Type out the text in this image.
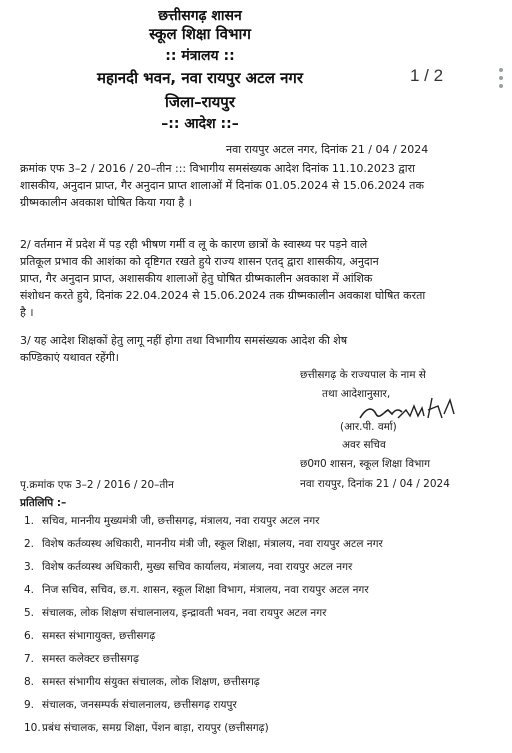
छत्तीसगढ़ शासन
स्कूल शिक्षा विभाग
:: मंत्रालय ::
महानदी भवन, नवा रायपुर अटल नगर
जिला–रायपुर
–:: आदेश ::–
1 / 2
नवा रायपुर अटल नगर, दिनांक 21 / 04 / 2024
क्रमांक एफ 3–2 / 2016 / 20–तीन ::: विभागीय समसंख्यक आदेश दिनांक 11.10.2023 द्वारा
शासकीय, अनुदान प्राप्त, गैर अनुदान प्राप्त शालाओं में दिनांक 01.05.2024 से 15.06.2024 तक
ग्रीष्मकालीन अवकाश घोषित किया गया है ।
2/ वर्तमान में प्रदेश में पड़ रही भीषण गर्मी व लू के कारण छात्रों के स्वास्थ्य पर पड़ने वाले
प्रतिकूल प्रभाव की आशंका को दृष्टिगत रखते हुये राज्य शासन एतद् द्वारा शासकीय, अनुदान
प्राप्त, गैर अनुदान प्राप्त, अशासकीय शालाओं हेतु घोषित ग्रीष्मकालीन अवकाश में आंशिक
संशोधन करते हुये, दिनांक 22.04.2024 से 15.06.2024 तक ग्रीष्मकालीन अवकाश घोषित करता
है ।
3/ यह आदेश शिक्षकों हेतु लागू नहीं होगा तथा विभागीय समसंख्यक आदेश की शेष
कण्डिकाएं यथावत रहेंगी।
छत्तीसगढ़ के राज्यपाल के नाम से
तथा आदेशानुसार,
(आर.पी. वर्मा)
अवर सचिव
छ0ग0 शासन, स्कूल शिक्षा विभाग
नवा रायपुर, दिनांक 21 / 04 / 2024
पृ.क्रमांक एफ 3–2 / 2016 / 20–तीन
प्रतिलिपि :–
1. सचिव, माननीय मुख्यमंत्री जी, छत्तीसगढ़, मंत्रालय, नवा रायपुर अटल नगर
2. विशेष कर्तव्यस्थ अधिकारी, माननीय मंत्री जी, स्कूल शिक्षा, मंत्रालय, नवा रायपुर अटल नगर
3. विशेष कर्तव्यस्थ अधिकारी, मुख्य सचिव कार्यालय, मंत्रालय, नवा रायपुर अटल नगर
4. निज सचिव, सचिव, छ.ग. शासन, स्कूल शिक्षा विभाग, मंत्रालय, नवा रायपुर अटल नगर
5. संचालक, लोक शिक्षण संचालनालय, इन्द्रावती भवन, नवा रायपुर अटल नगर
6. समस्त संभागायुक्त, छत्तीसगढ़
7. समस्त कलेक्टर छत्तीसगढ़
8. समस्त संभागीय संयुक्त संचालक, लोक शिक्षण, छत्तीसगढ़
9. संचालक, जनसम्पर्क संचालनालय, छत्तीसगढ़ रायपुर
10.प्रबंध संचालक, समग्र शिक्षा, पेंशन बाड़ा, रायपुर (छत्तीसगढ़)
